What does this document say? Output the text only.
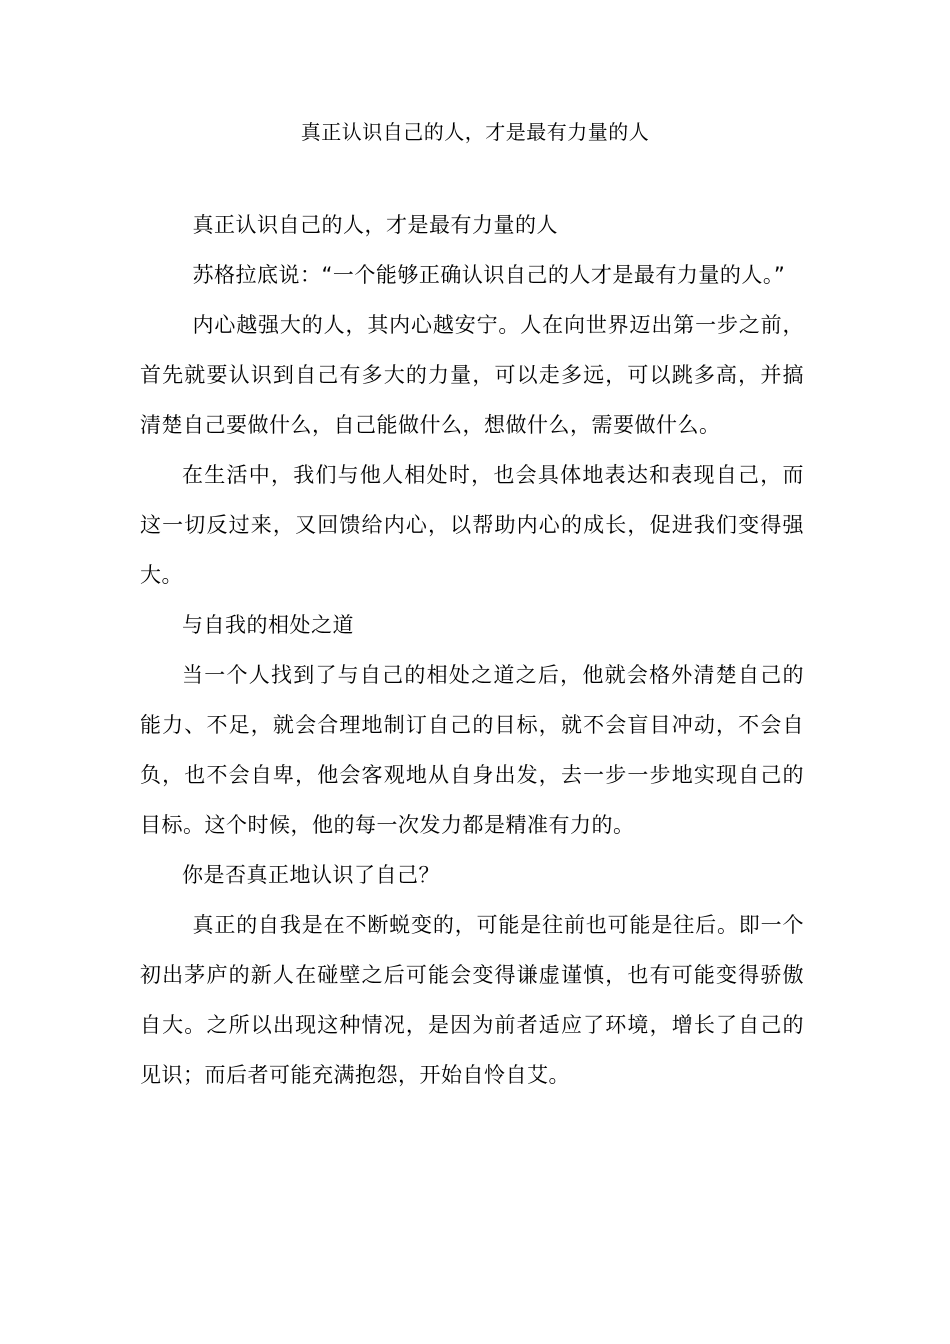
真正认识自己的人，才是最有力量的人

真正认识自己的人，才是最有力量的人

苏格拉底说：“一个能够正确认识自己的人才是最有力量的人。”

内心越强大的人，其内心越安宁。人在向世界迈出第一步之前，首先就要认识到自己有多大的力量，可以走多远，可以跳多高，并搞清楚自己要做什么，自己能做什么，想做什么，需要做什么。

在生活中，我们与他人相处时，也会具体地表达和表现自己，而这一切反过来，又回馈给内心，以帮助内心的成长，促进我们变得强大。

与自我的相处之道

当一个人找到了与自己的相处之道之后，他就会格外清楚自己的能力、不足，就会合理地制订自己的目标，就不会盲目冲动，不会自负，也不会自卑，他会客观地从自身出发，去一步一步地实现自己的目标。这个时候，他的每一次发力都是精准有力的。

你是否真正地认识了自己？

真正的自我是在不断蜕变的，可能是往前也可能是往后。即一个初出茅庐的新人在碰壁之后可能会变得谦虚谨慎，也有可能变得骄傲自大。之所以出现这种情况，是因为前者适应了环境，增长了自己的见识；而后者可能充满抱怨，开始自怜自艾。
